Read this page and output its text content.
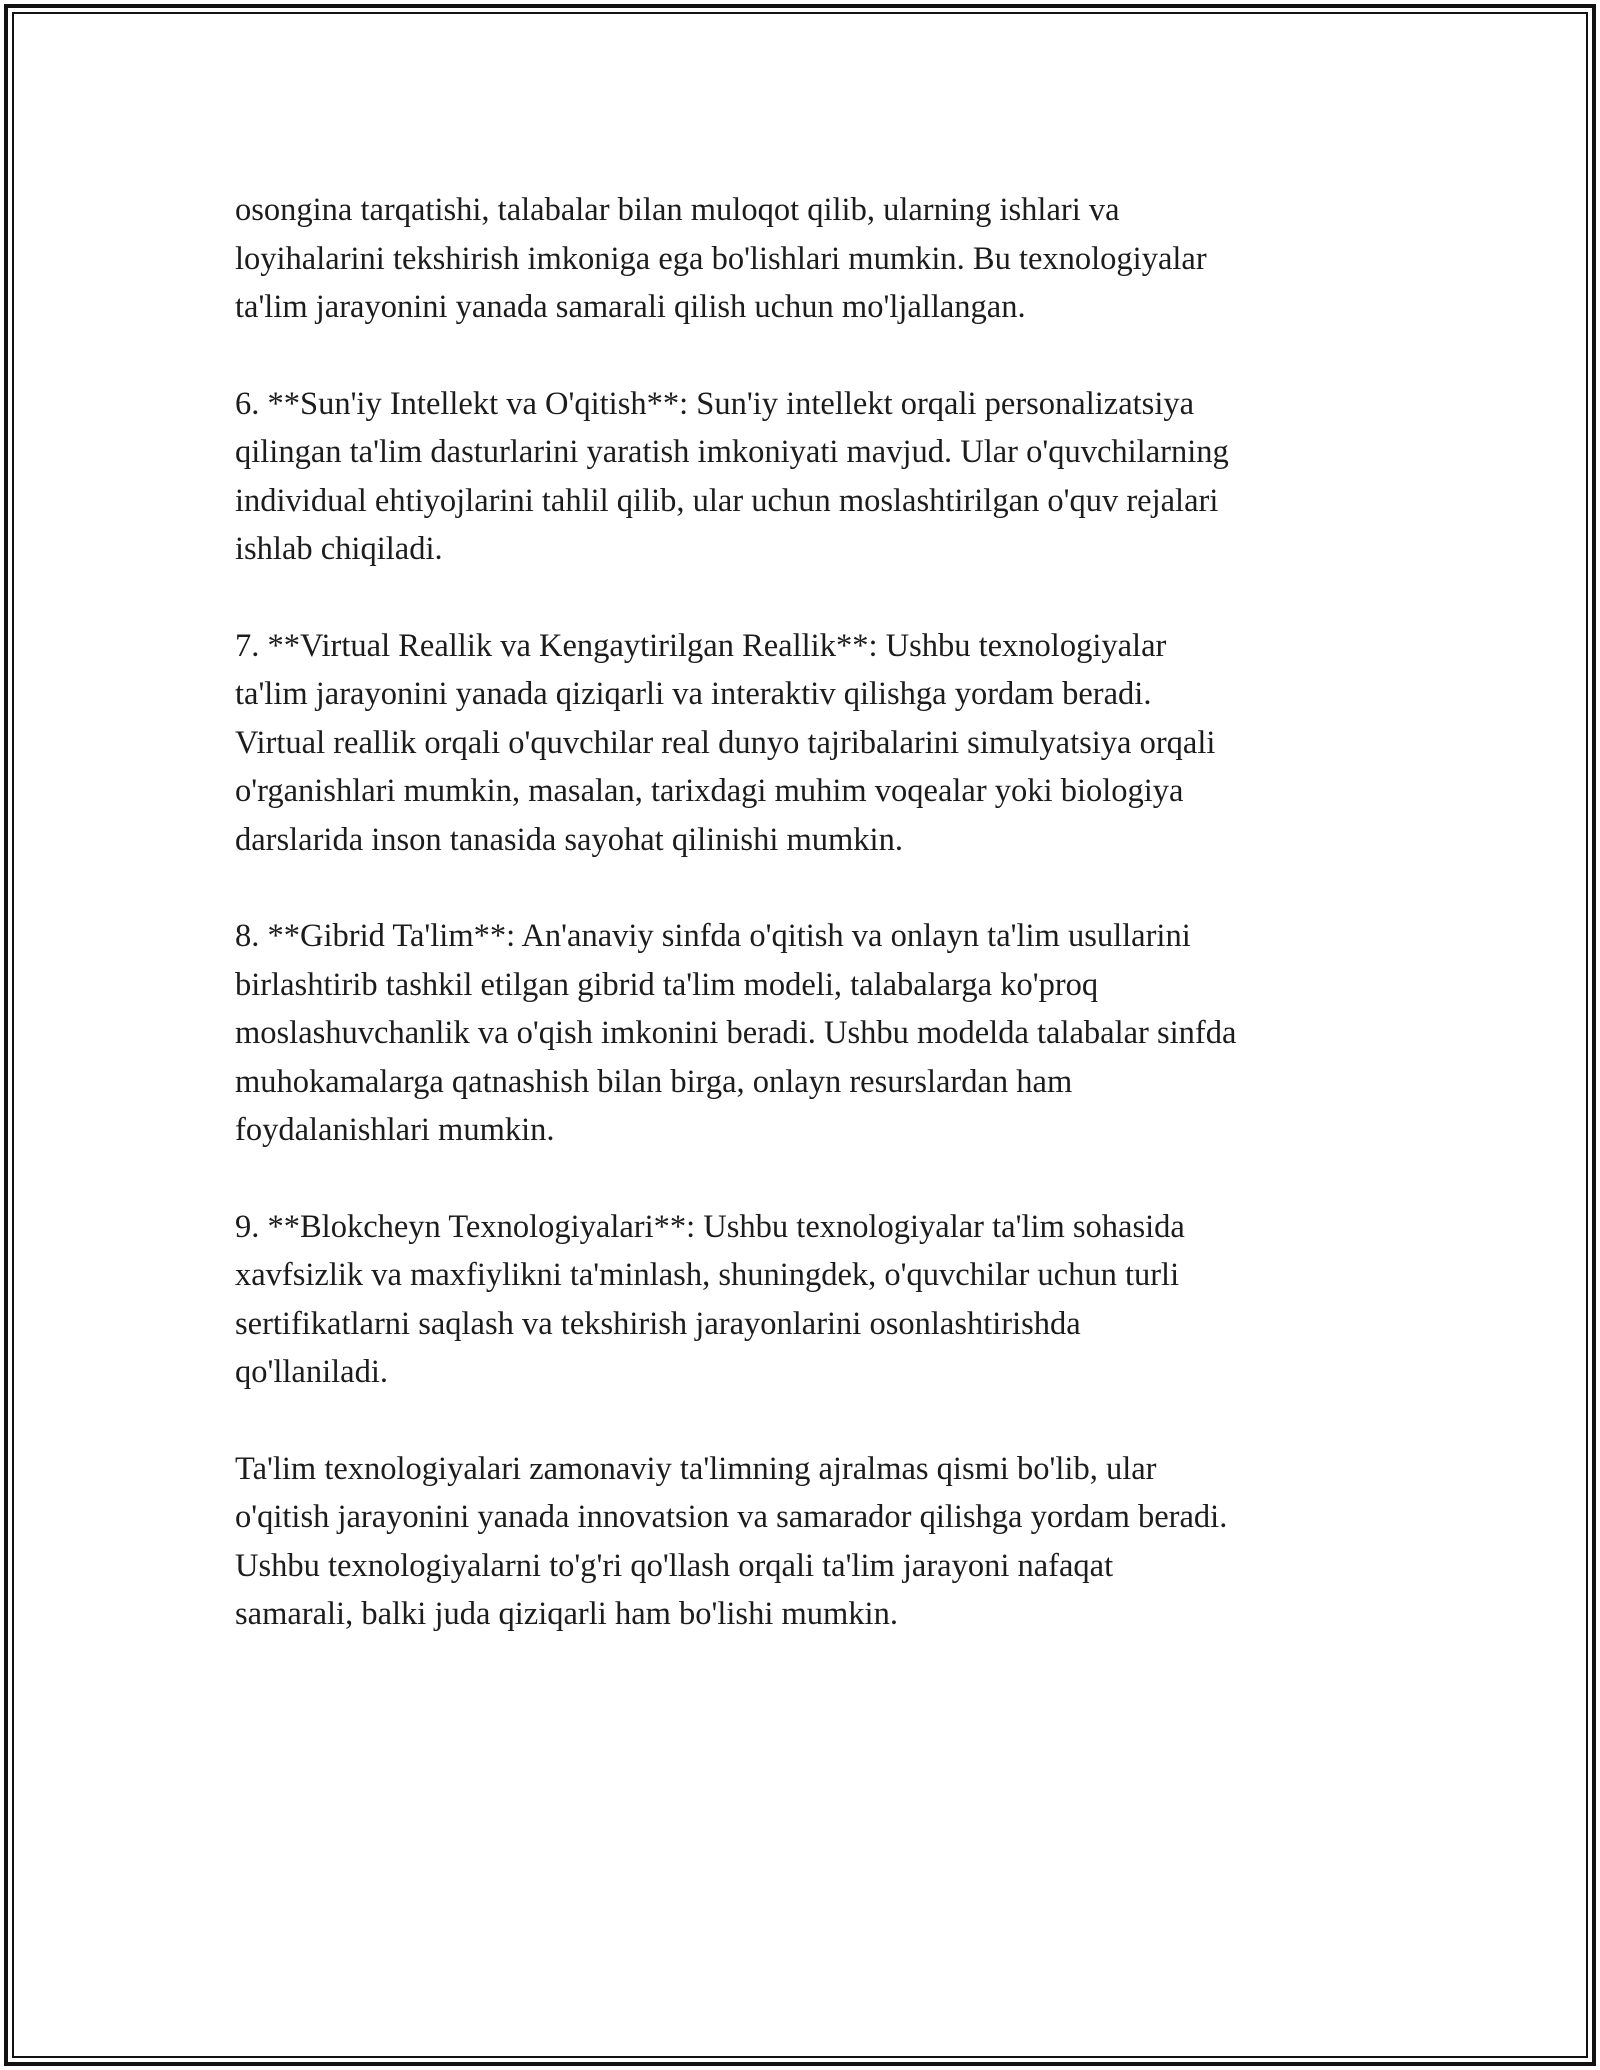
osongina tarqatishi, talabalar bilan muloqot qilib, ularning ishlari va
loyihalarini tekshirish imkoniga ega bo'lishlari mumkin. Bu texnologiyalar
ta'lim jarayonini yanada samarali qilish uchun mo'ljallangan.

6. **Sun'iy Intellekt va O'qitish**: Sun'iy intellekt orqali personalizatsiya
qilingan ta'lim dasturlarini yaratish imkoniyati mavjud. Ular o'quvchilarning
individual ehtiyojlarini tahlil qilib, ular uchun moslashtirilgan o'quv rejalari
ishlab chiqiladi.

7. **Virtual Reallik va Kengaytirilgan Reallik**: Ushbu texnologiyalar
ta'lim jarayonini yanada qiziqarli va interaktiv qilishga yordam beradi.
Virtual reallik orqali o'quvchilar real dunyo tajribalarini simulyatsiya orqali
o'rganishlari mumkin, masalan, tarixdagi muhim voqealar yoki biologiya
darslarida inson tanasida sayohat qilinishi mumkin.

8. **Gibrid Ta'lim**: An'anaviy sinfda o'qitish va onlayn ta'lim usullarini
birlashtirib tashkil etilgan gibrid ta'lim modeli, talabalarga ko'proq
moslashuvchanlik va o'qish imkonini beradi. Ushbu modelda talabalar sinfda
muhokamalarga qatnashish bilan birga, onlayn resurslardan ham
foydalanishlari mumkin.

9. **Blokcheyn Texnologiyalari**: Ushbu texnologiyalar ta'lim sohasida
xavfsizlik va maxfiylikni ta'minlash, shuningdek, o'quvchilar uchun turli
sertifikatlarni saqlash va tekshirish jarayonlarini osonlashtirishda
qo'llaniladi.

Ta'lim texnologiyalari zamonaviy ta'limning ajralmas qismi bo'lib, ular
o'qitish jarayonini yanada innovatsion va samarador qilishga yordam beradi.
Ushbu texnologiyalarni to'g'ri qo'llash orqali ta'lim jarayoni nafaqat
samarali, balki juda qiziqarli ham bo'lishi mumkin.
